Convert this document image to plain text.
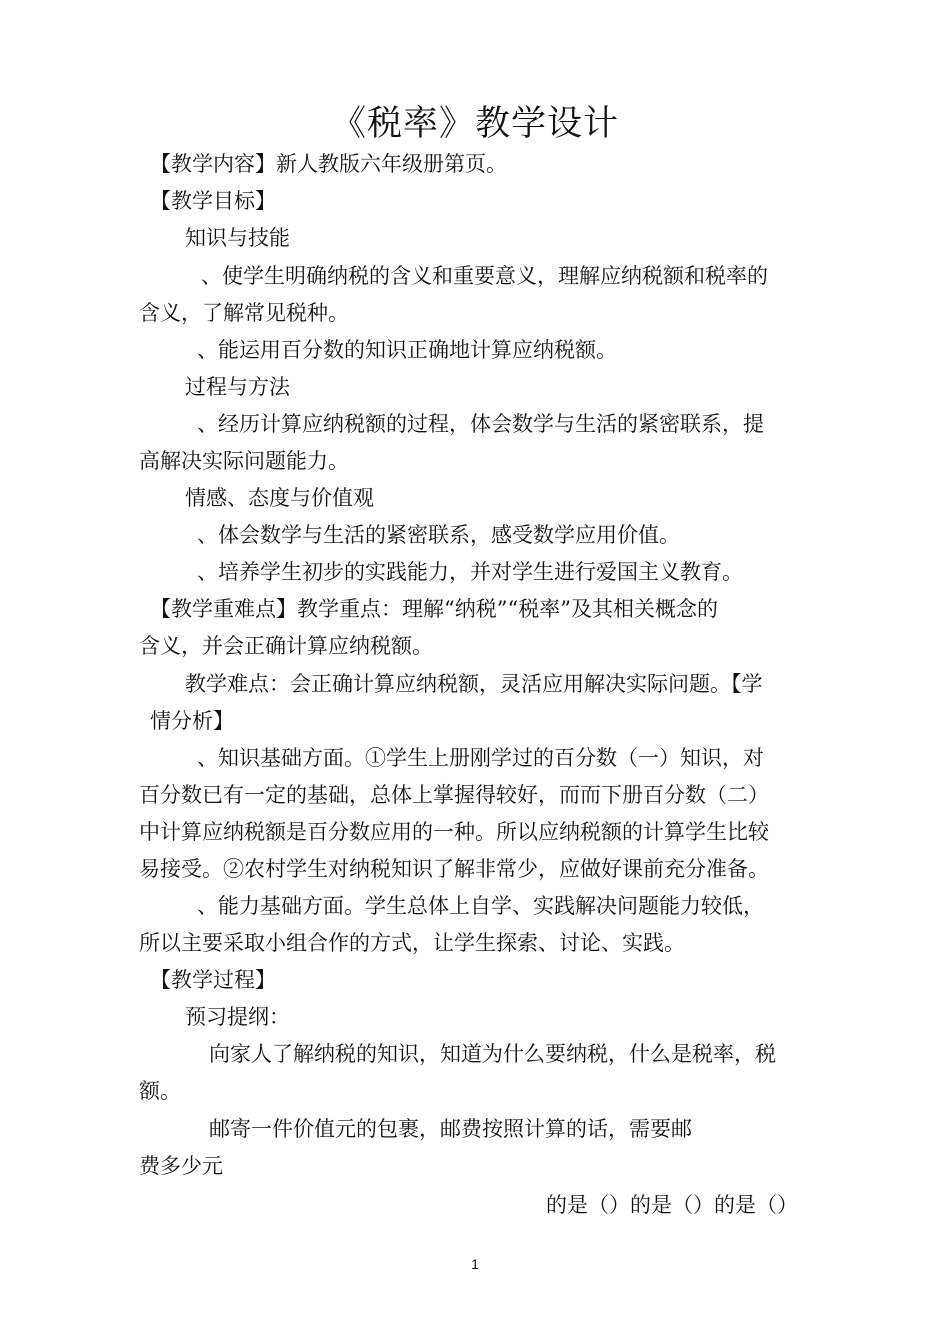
《税率》教学设计
【教学内容】新人教版六年级册第页。
【教学目标】
知识与技能
、使学生明确纳税的含义和重要意义，理解应纳税额和税率的
含义，了解常见税种。
、能运用百分数的知识正确地计算应纳税额。
过程与方法
、经历计算应纳税额的过程，体会数学与生活的紧密联系，提
高解决实际问题能力。
情感、态度与价值观
、体会数学与生活的紧密联系，感受数学应用价值。
、培养学生初步的实践能力，并对学生进行爱国主义教育。
【教学重难点】教学重点：理解“纳税”“税率”及其相关概念的
含义，并会正确计算应纳税额。
教学难点：会正确计算应纳税额，灵活应用解决实际问题。【学
情分析】
、知识基础方面。①学生上册刚学过的百分数（一）知识，对
百分数已有一定的基础，总体上掌握得较好，而而下册百分数（二）
中计算应纳税额是百分数应用的一种。所以应纳税额的计算学生比较
易接受。②农村学生对纳税知识了解非常少，应做好课前充分准备。
、能力基础方面。学生总体上自学、实践解决问题能力较低，
所以主要采取小组合作的方式，让学生探索、讨论、实践。
【教学过程】
预习提纲：
向家人了解纳税的知识，知道为什么要纳税，什么是税率，税
额。
邮寄一件价值元的包裹，邮费按照计算的话，需要邮
费多少元
的是（）的是（）的是（）
1
